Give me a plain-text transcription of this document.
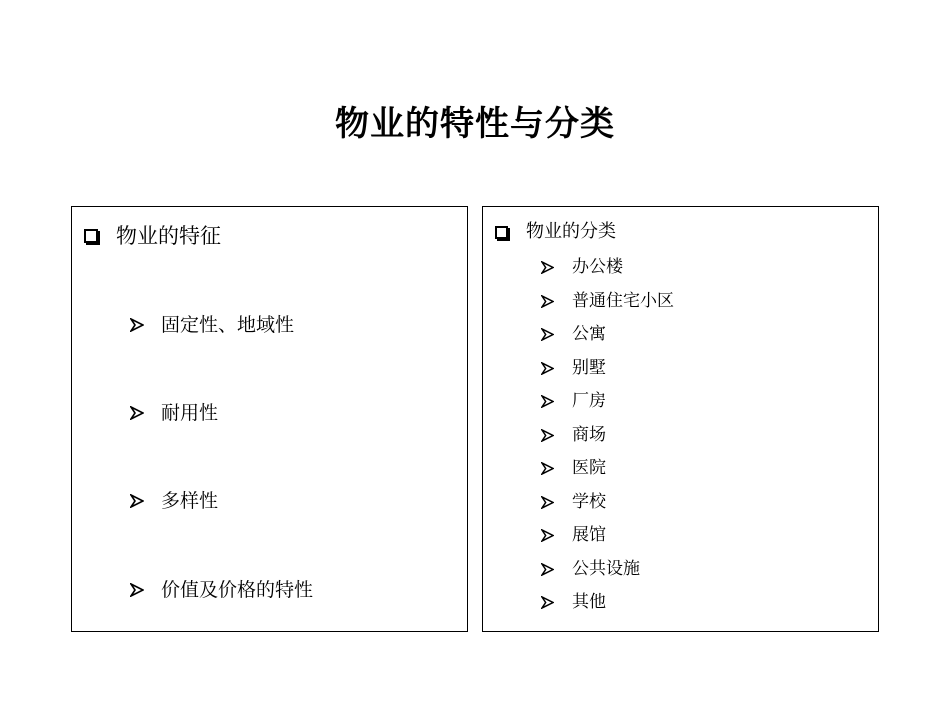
物业的特性与分类
物业的特征
固定性、地域性
耐用性
多样性
价值及价格的特性
物业的分类
办公楼
普通住宅小区
公寓
别墅
厂房
商场
医院
学校
展馆
公共设施
其他
